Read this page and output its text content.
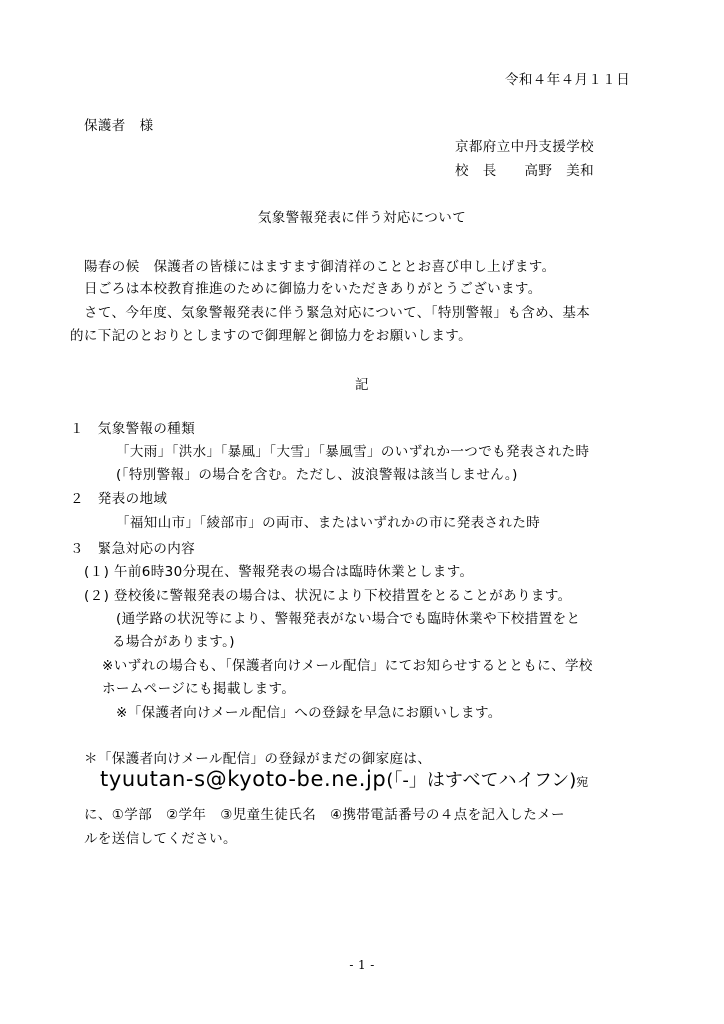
令和４年４月１１日
保護者　様
京都府立中丹支援学校
校　長　　高野　美和
気象警報発表に伴う対応について
陽春の候　保護者の皆様にはますます御清祥のこととお喜び申し上げます。
日ごろは本校教育推進のために御協力をいただきありがとうございます。
さて、今年度、気象警報発表に伴う緊急対応について、「特別警報」も含め、基本
的に下記のとおりとしますので御理解と御協力をお願いします。
記
１　気象警報の種類
「大雨」「洪水」「暴風」「大雪」「暴風雪」のいずれか一つでも発表された時
(「特別警報」の場合を含む。ただし、波浪警報は該当しません。)
２　発表の地域
「福知山市」「綾部市」の両市、またはいずれかの市に発表された時
３　緊急対応の内容
(１) 午前6時30分現在、警報発表の場合は臨時休業とします。
(２) 登校後に警報発表の場合は、状況により下校措置をとることがあります。
(通学路の状況等により、警報発表がない場合でも臨時休業や下校措置をと
る場合があります。)
※いずれの場合も、「保護者向けメール配信」にてお知らせするとともに、学校
ホームページにも掲載します。
※「保護者向けメール配信」への登録を早急にお願いします。
＊「保護者向けメール配信」の登録がまだの御家庭は、
tyuutan-s@kyoto-be.ne.jp(「-」はすべてハイフン)宛
に、①学部　②学年　③児童生徒氏名　④携帯電話番号の４点を記入したメー
ルを送信してください。
- 1 -
